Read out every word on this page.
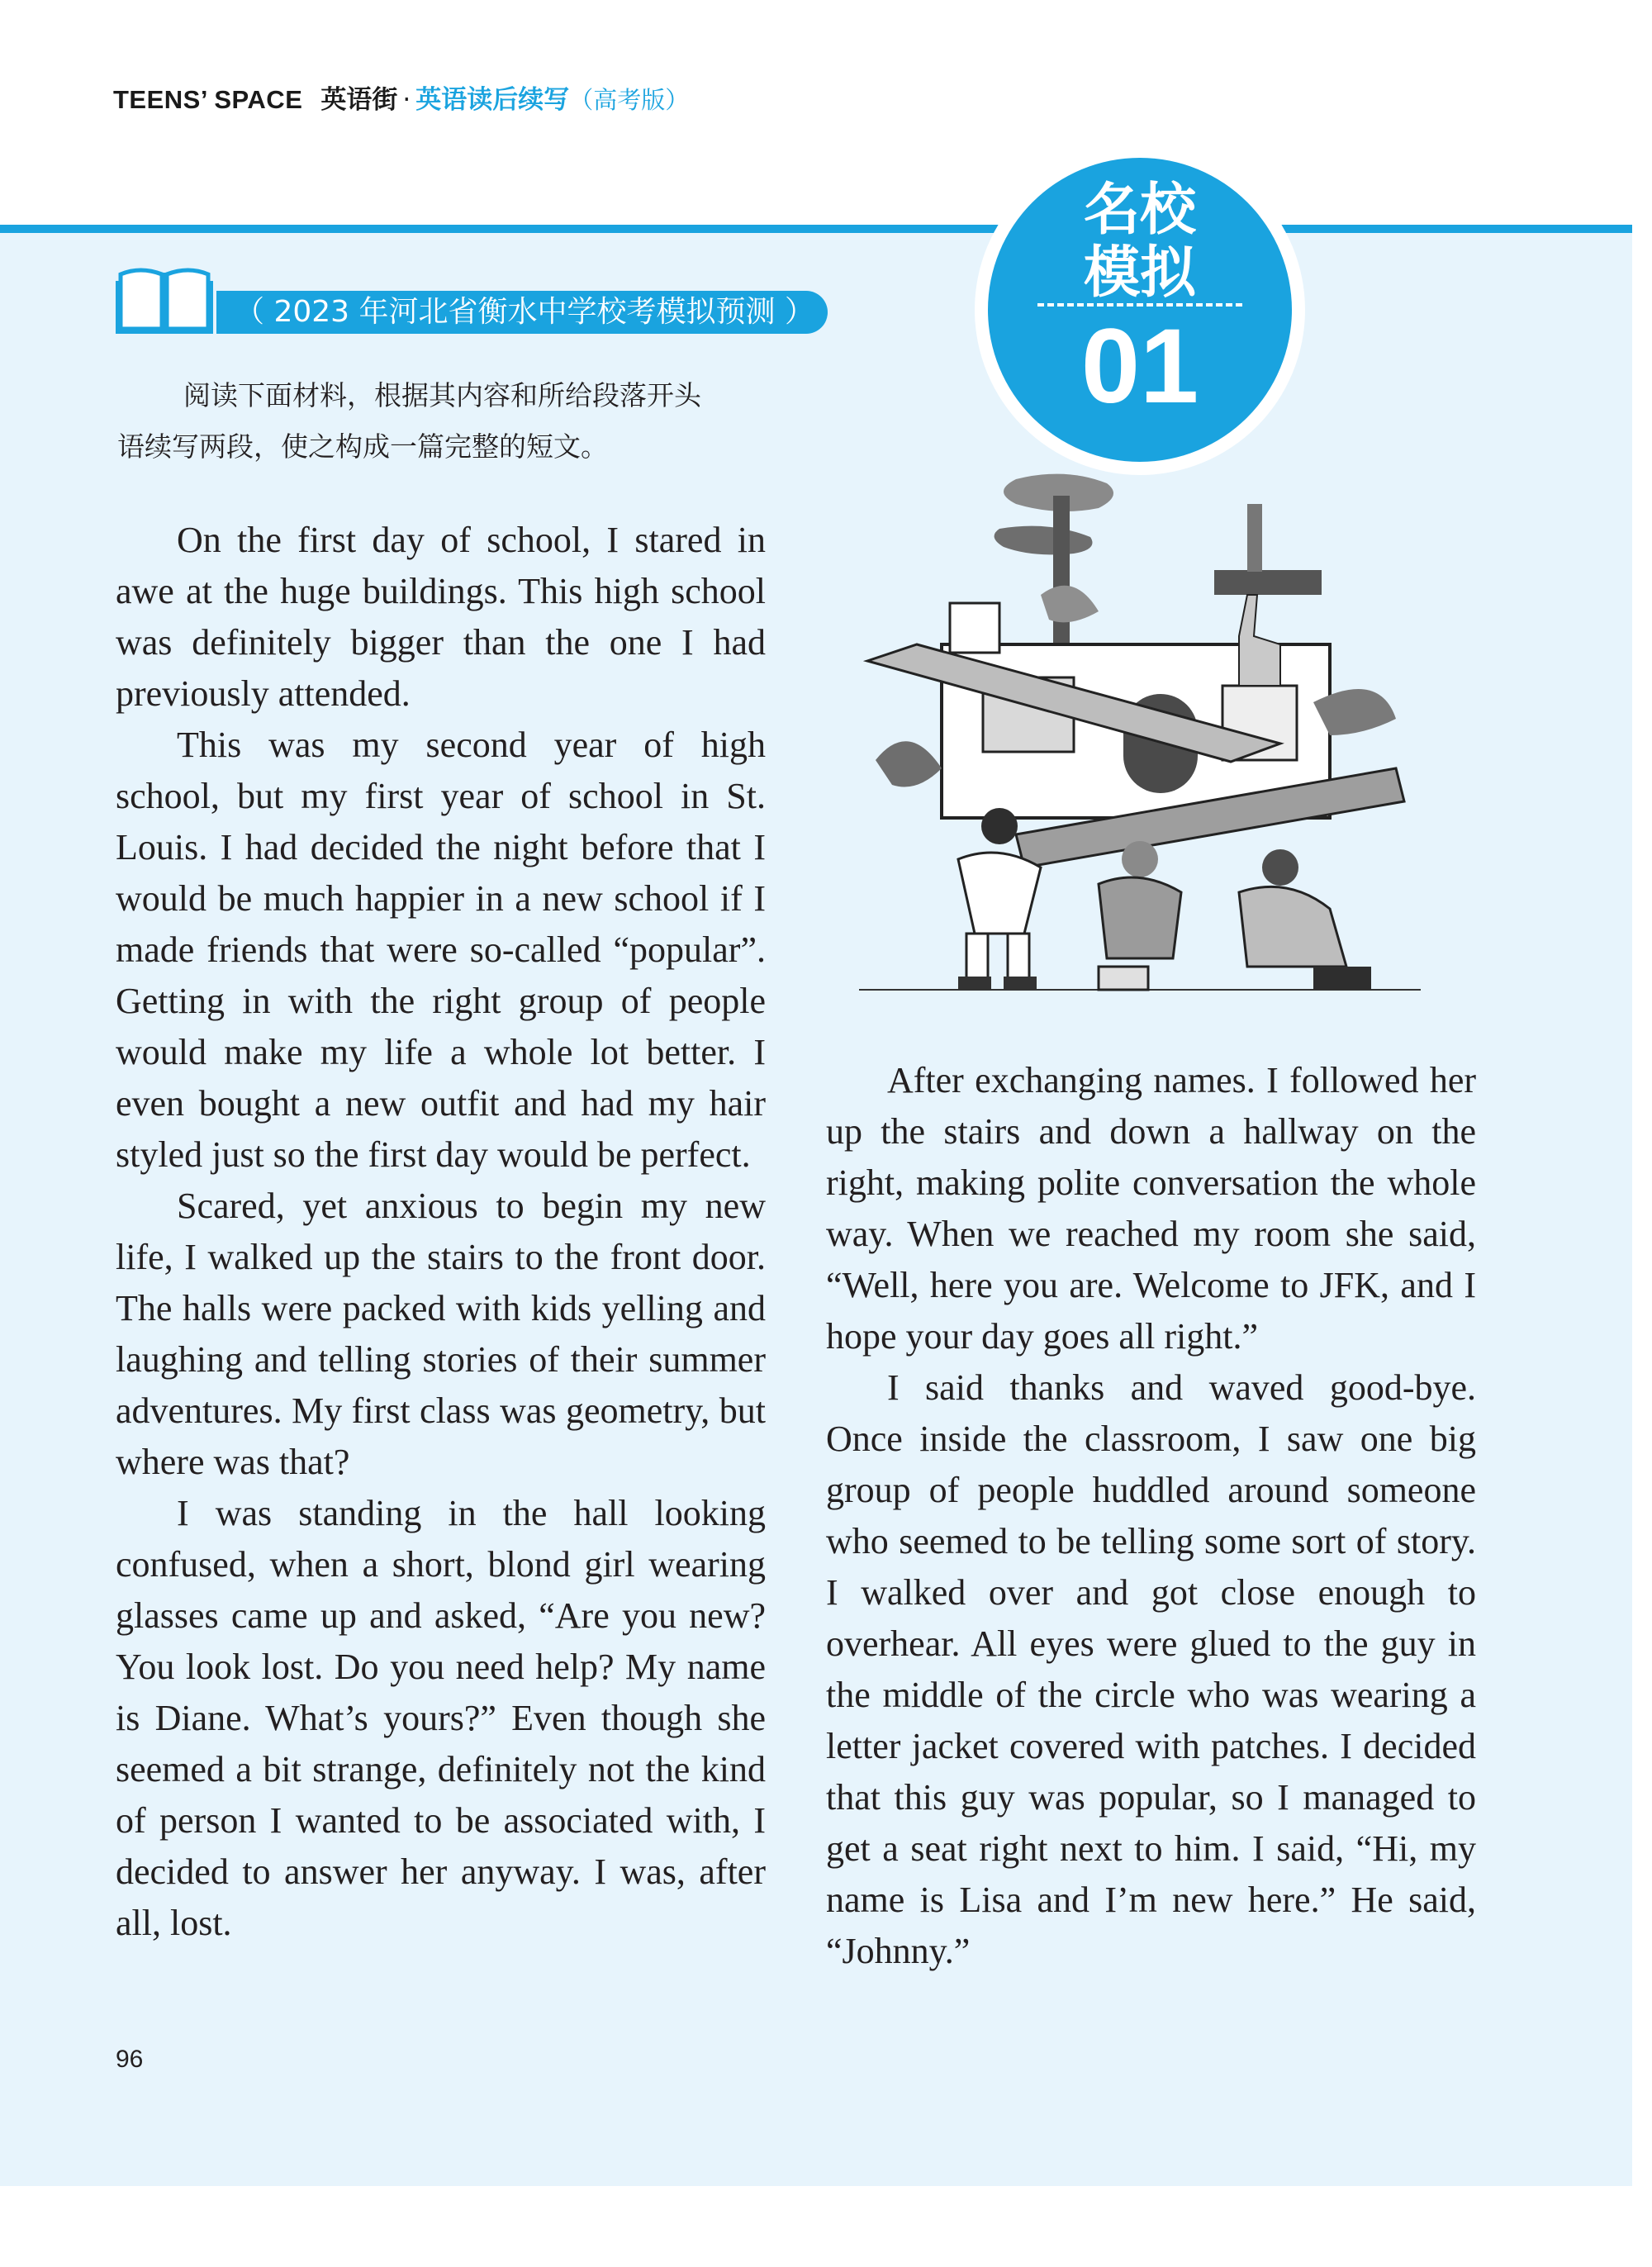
TEENS’ SPACE 英语街 · 英语读后续写 （高考版）
名校
模拟
01
（ 2023 年河北省衡水中学校考模拟预测 ）

阅读下面材料，根据其内容和所给段落开头

语续写两段，使之构成一篇完整的短文。

On the first day of school, I stared in awe at the huge buildings. This high school was definitely bigger than the one I had previously attended.

This was my second year of high school, but my first year of school in St. Louis. I had decided the night before that I would be much happier in a new school if I made friends that were so-called “popular”. Getting in with the right group of people would make my life a whole lot better. I even bought a new outfit and had my hair styled just so the first day would be perfect.

Scared, yet anxious to begin my new life, I walked up the stairs to the front door. The halls were packed with kids yelling and laughing and telling stories of their summer adventures. My first class was geometry, but where was that?

I was standing in the hall looking confused, when a short, blond girl wearing glasses came up and asked, “Are you new? You look lost. Do you need help? My name is Diane. What’s yours?” Even though she seemed a bit strange, definitely not the kind of person I wanted to be associated with, I decided to answer her anyway. I was, after all, lost.

After exchanging names. I followed her up the stairs and down a hallway on the right, making polite conversation the whole way. When we reached my room she said, “Well, here you are. Welcome to JFK, and I hope your day goes all right.”

I said thanks and waved good-bye. Once inside the classroom, I saw one big group of people huddled around someone who seemed to be telling some sort of story. I walked over and got close enough to overhear. All eyes were glued to the guy in the middle of the circle who was wearing a letter jacket covered with patches. I decided that this guy was popular, so I managed to get a seat right next to him. I said, “Hi, my name is Lisa and I’m new here.” He said, “Johnny.”

96
